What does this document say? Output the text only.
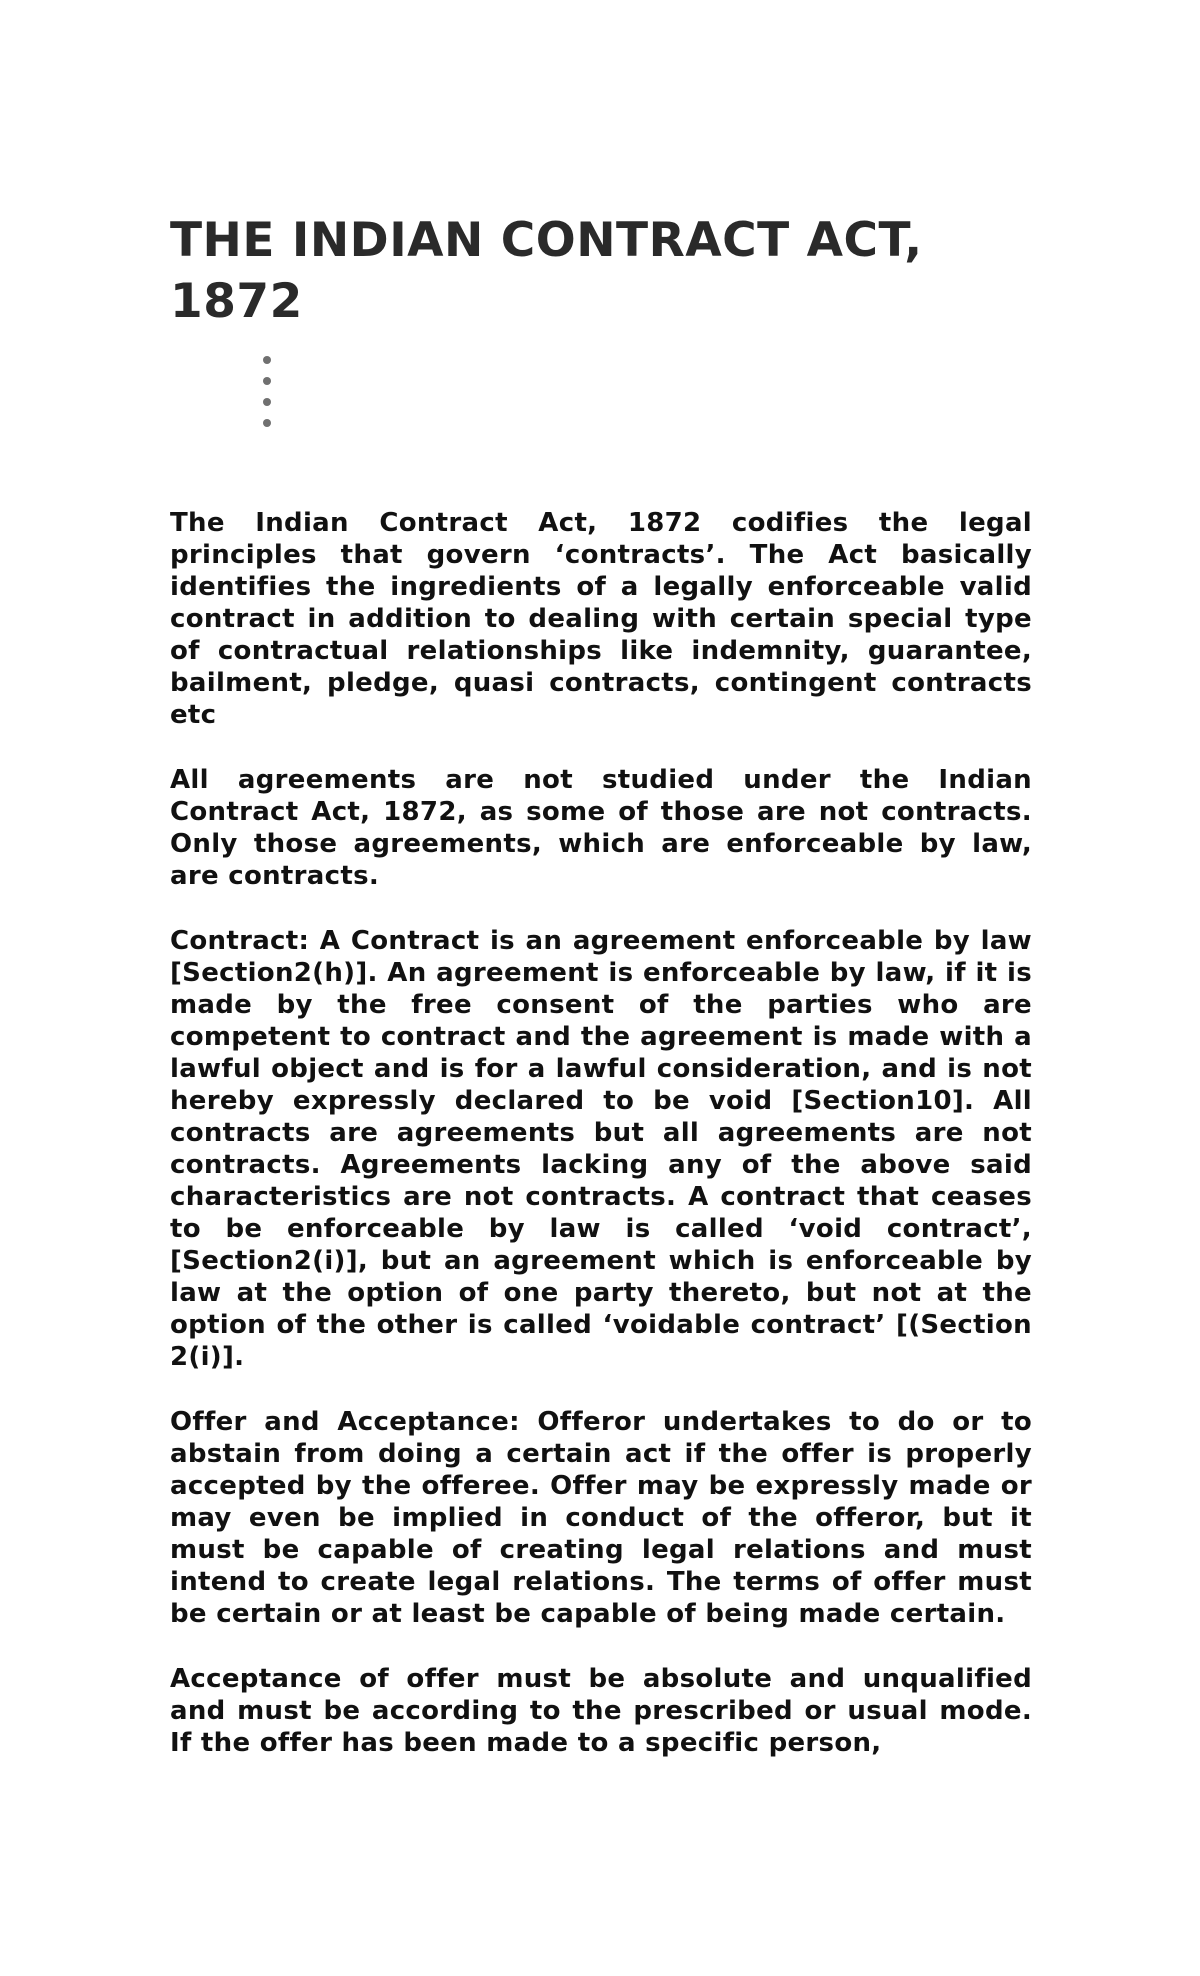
THE INDIAN CONTRACT ACT, 1872

The Indian Contract Act, 1872 codifies the legal principles that govern ‘contracts’. The Act basically identifies the ingredients of a legally enforceable valid contract in addition to dealing with certain special type of contractual relationships like indemnity, guarantee, bailment, pledge, quasi contracts, contingent contracts etc

All agreements are not studied under the Indian Contract Act, 1872, as some of those are not contracts. Only those agreements, which are enforceable by law, are contracts.

Contract: A Contract is an agreement enforceable by law [Section2(h)]. An agreement is enforceable by law, if it is made by the free consent of the parties who are competent to contract and the agreement is made with a lawful object and is for a lawful consideration, and is not hereby expressly declared to be void [Section10]. All contracts are agreements but all agreements are not contracts. Agreements lacking any of the above said characteristics are not contracts. A contract that ceases to be enforceable by law is called ‘void contract’, [Section2(i)], but an agreement which is enforceable by law at the option of one party thereto, but not at the option of the other is called ‘voidable contract’ [(Section 2(i)].

Offer and Acceptance: Offeror undertakes to do or to abstain from doing a certain act if the offer is properly accepted by the offeree. Offer may be expressly made or may even be implied in conduct of the offeror, but it must be capable of creating legal relations and must intend to create legal relations. The terms of offer must be certain or at least be capable of being made certain.

Acceptance of offer must be absolute and unqualified and must be according to the prescribed or usual mode. If the offer has been made to a specific person,
